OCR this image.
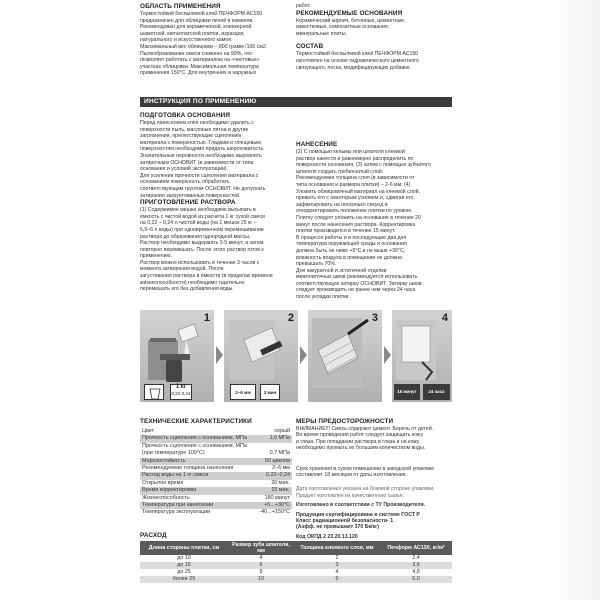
ОБЛАСТЬ ПРИМЕНЕНИЯ
Термостойкий беспылевой клей ПЕЧФОРМ АС150
предназначен для облицовки печей и каминов.
Рекомендован для керамической, клинкерной,
шамотной, металлатской плитки, изразцов,
натурального и искусственного камня.
Максимальный вес облицовки – 800 грамм /100 см2.
Пылеобразование смеси снижено на 90%, что
позволяет работать с материалом на «чистовых»
участках облицовки. Максимальная температура
применения 150°С. Для внутренних и наружных
работ.
РЕКОМЕНДУЕМЫЕ ОСНОВАНИЯ
Керамический кирпич, бетонные, цементные,
известковые, композитные основания,
минеральные плиты.
СОСТАВ
Термостойкий беспылевой клей ПЕЧФОРМ АС150
изготовлен на основе гидравлического цементного
связующего, песка, модифицирующих добавок.
ИНСТРУКЦИЯ ПО ПРИМЕНЕНИЮ
ПОДГОТОВКА ОСНОВАНИЯ
Перед нанесением клея необходимо удалить с
поверхности пыль, масляные пятна и другие
загрязнения, препятствующие сцеплению
материала с поверхностью. Гладким и глянцевым
поверхностям необходимо придать шероховатость.
Значительные неровности необходимо выровнять
затирочным ОСНОВИТ (в зависимости от типа
основания и условий эксплуатации).
Для усиления прочности сцепления материала с
основанием поверхность обработать
соответствующим грунтом ОСНОВИТ. Не допускать
затирания загрунтованных поверхностей.
ПРИГОТОВЛЕНИЕ РАСТВОРА
(1) Содержимое мешка необходимо высыпать в
ёмкость с чистой водой из расчёта 1 кг сухой смеси
на 0,22 – 0,24 л чистой воды (на 1 мешок 25 кг –
5,5–6 л воды) при одновременном перемешивании
раствора до образования однородной массы.
Раствор необходимо выдержать 3-5 минут, а затем
повторно перемешать. После этого раствор готов к
применению.
Раствор можно использовать в течение 3 часов с
момента затворения водой. После
загустевания раствора в ёмкости (в пределах времени
жизнеспособности) необходимо тщательно
перемешать его без добавления воды.
НАНЕСЕНИЕ
(2) С помощью кельмы или шпателя клеевой
раствор нанести и равномерно распределить по
поверхности основания, (3) затем с помощью зубчатого
шпателя создать гребенчатый слой.
Рекомендуемая толщина слоя (в зависимости от
типа основания и размера плитки) – 2-6 мм. (4)
Уложить облицовочный материал на клеевой слой,
прижать его с некоторым усилием и, сдвигая его,
зафиксировать на несколько секунд и
откорректировать положение плитки по уровню.
Плитку следует уложить на основание в течение 20
минут после нанесения раствора. Корректировка
плитки производится в течение 15 минут.
В процессе работы и в последующие два дня
температура окружающей среды и основания
должна быть не ниже +5°С и не выше +30°С,
влажность воздуха в помещении не должна
превышать 70%.
Для аккуратной и эстетичной отделки
межплиточных швов рекомендуется использовать
соответствующую затирку ОСНОВИТ. Затирку швов
следует производить не ранее чем через 24 часа
после укладки плитки.
1
1 кг
0,22-0,24
2
2–6 мм	3 мин
3	4
15 минут	24 часа
ТЕХНИЧЕСКИЕ ХАРАКТЕРИСТИКИ
Цвет	серый
Прочность сцепления с основанием, МПа	1,0 МПа
Прочность сцепления с основанием, МПа	
(при температуре 100°С)	0,7 МПа
Морозостойкость	50 циклов
Рекомендуемая толщина нанесения	2–6 мм
Расход воды на 1 кг смеси	0,22–0,24
Открытое время	20 мин.
Время корректировки	15 мин.
Жизнеспособность	180 минут
Температура при нанесении	+5...+30°С
Температура эксплуатации	-40...+150°С
МЕРЫ ПРЕДОСТОРОЖНОСТИ
ВНИМАНИЕ!!! Смесь содержит цемент. Беречь от детей.
Во время проведения работ следует защищать кожу
и глаза. При попадании раствора в глаза и на кожу
необходимо промыть их большим количеством воды.
Срок хранения в сухом помещении в заводской упаковке
составляет 18 месяцев от даты изготовления.
Дата изготовления указана на боковой стороне упаковки.
Продукт изготовлен из качественного сырья.
Изготовлено в соответствии с ТУ Производителя.
Продукция сертифицирована в системе ГОСТ Р
Класс радиационной безопасности- 1
(Аэфф. не превышает 370 Бк/кг)
Код ОКПД 2 23.20.13.120
РАСХОД
Длина стороны плитки, см	Размер зуба шпателя, мм	Толщина клеевого слоя, мм	Печформ АС150, кг/м²
до 10	4	2	2,4
до 15	6	3	3,6
до 25	8	4	4,8
более 25	10	5	6,0
